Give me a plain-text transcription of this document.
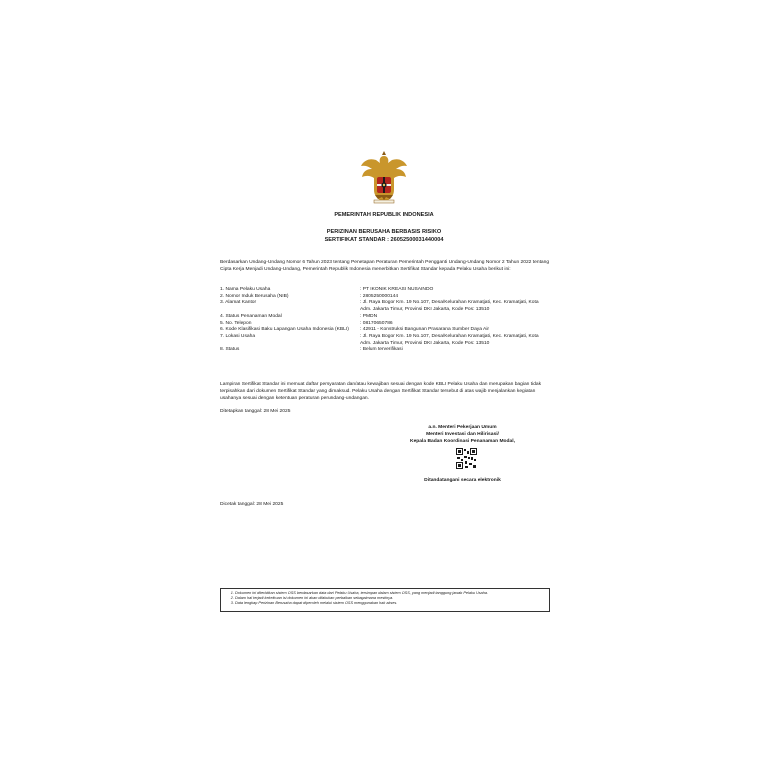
PEMERINTAH REPUBLIK INDONESIA
PERIZINAN BERUSAHA BERBASIS RISIKO
SERTIFIKAT STANDAR : 26052500031440004
Berdasarkan Undang-Undang Nomor 6 Tahun 2023 tentang Penetapan Peraturan Pemerintah Pengganti Undang-Undang Nomor 2 Tahun 2022 tentang Cipta Kerja Menjadi Undang-Undang, Pemerintah Republik Indonesia menerbitkan Sertifikat Standar kepada Pelaku Usaha berikut ini:
1. Nama Pelaku Usaha	: PT IKONIK KREASI NUSAINDO
2. Nomor Induk Berusaha (NIB)	: 2805250000144
3. Alamat Kantor	: Jl. Raya Bogor Km. 19 No.107, Desa/Kelurahan Kramatjati, Kec. Kramatjati, Kota Adm. Jakarta Timur, Provinsi DKI Jakarta, Kode Pos: 13510
4. Status Penanaman Modal	: PMDN
5. No. Telepon	: 08170650786
6. Kode Klasifikasi Baku Lapangan Usaha Indonesia (KBLI)	: 42911 - Konstruksi Bangunan Prasarana Sumber Daya Air
7. Lokasi Usaha	: Jl. Raya Bogor Km. 19 No.107, Desa/Kelurahan Kramatjati, Kec. Kramatjati, Kota Adm. Jakarta Timur, Provinsi DKI Jakarta, Kode Pos: 13510
8. Status	: Belum terverifikasi
Lampiran Sertifikat Standar ini memuat daftar persyaratan dan/atau kewajiban sesuai dengan kode KBLI Pelaku Usaha dan merupakan bagian tidak terpisahkan dari dokumen Sertifikat Standar yang dimaksud. Pelaku Usaha dengan Sertifikat Standar tersebut di atas wajib menjalankan kegiatan usahanya sesuai dengan ketentuan peraturan perundang-undangan.
Ditetapkan tanggal: 28 Mei 2025
a.n. Menteri Pekerjaan Umum
Menteri Investasi dan Hilirisasi/
Kepala Badan Koordinasi Penanaman Modal,
Ditandatangani secara elektronik
Dicetak tanggal: 28 Mei 2025
1. Dokumen ini diterbitkan sistem OSS berdasarkan data dari Pelaku Usaha, tersimpan dalam sistem OSS, yang menjadi tanggung jawab Pelaku Usaha.
2. Dalam hal terjadi kekeliruan isi dokumen ini akan dilakukan perbaikan sebagaimana mestinya.
3. Data lengkap Perizinan Berusaha dapat diperoleh melalui sistem OSS menggunakan hak akses.
